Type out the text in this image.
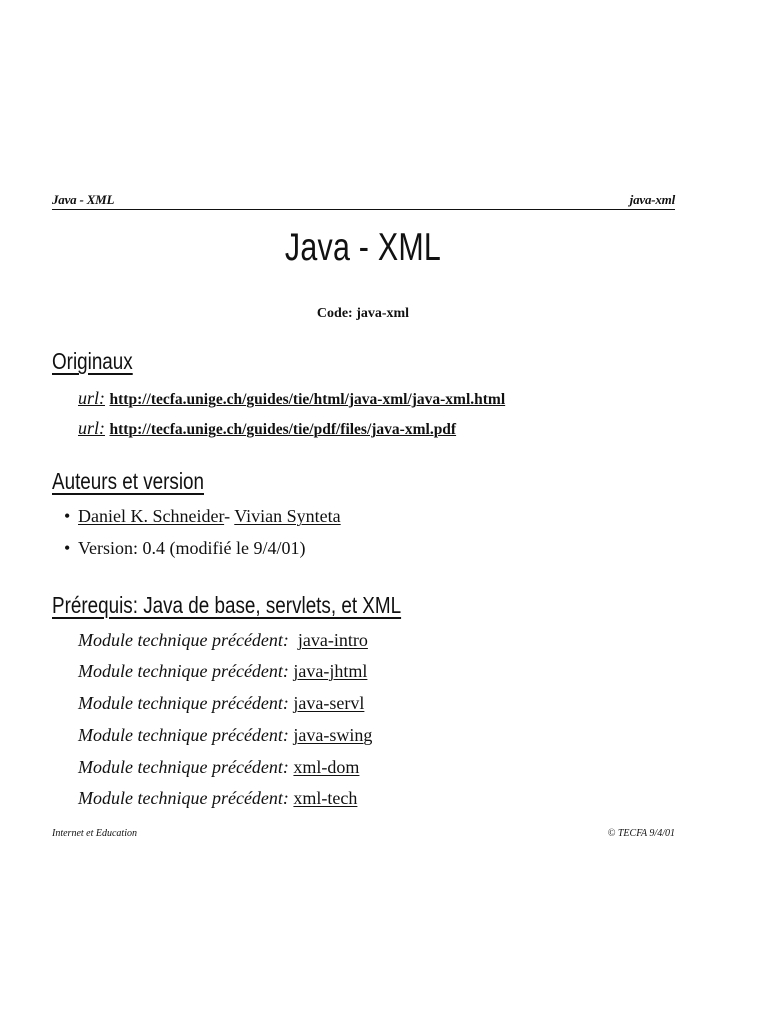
Java - XML	java-xml
Java - XML
Code: java-xml
Originaux
url: http://tecfa.unige.ch/guides/tie/html/java-xml/java-xml.html
url: http://tecfa.unige.ch/guides/tie/pdf/files/java-xml.pdf
Auteurs et version
• Daniel K. Schneider- Vivian Synteta
• Version: 0.4 (modifié le 9/4/01)
Prérequis: Java de base, servlets, et XML
Module technique précédent: java-intro
Module technique précédent: java-jhtml
Module technique précédent: java-servl
Module technique précédent: java-swing
Module technique précédent: xml-dom
Module technique précédent: xml-tech
Internet et Education	© TECFA 9/4/01
